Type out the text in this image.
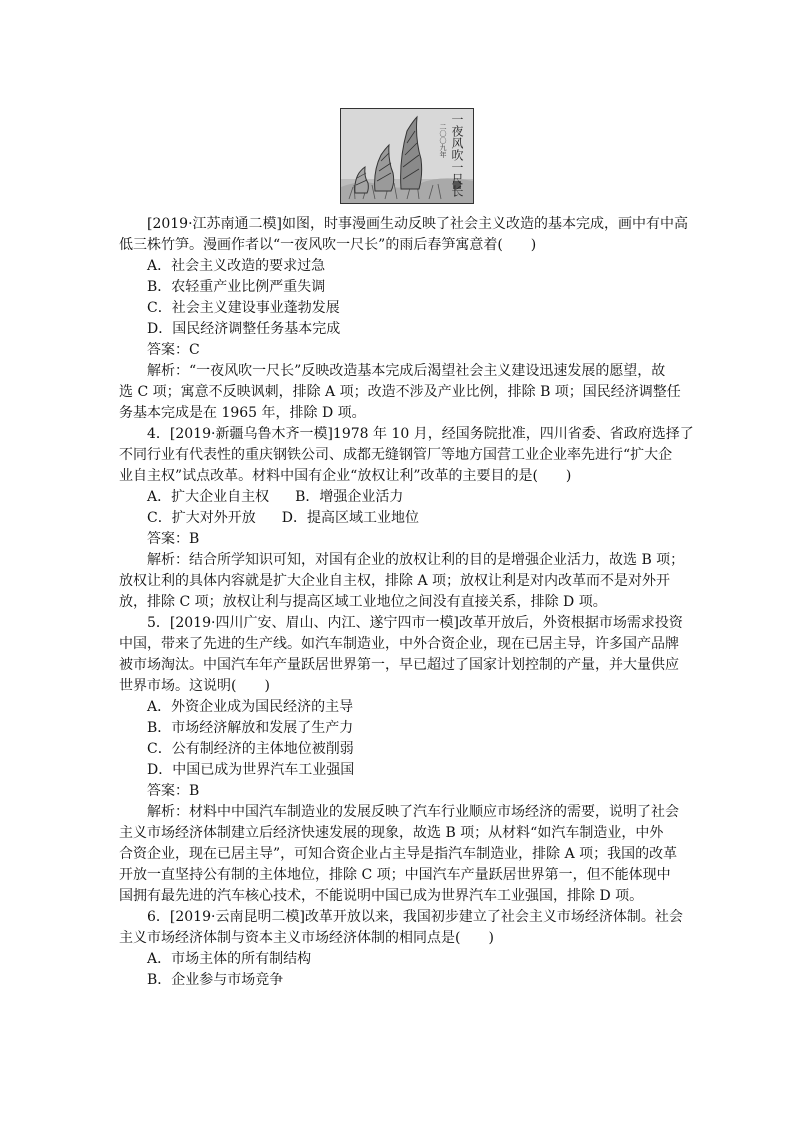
一夜风吹一尺长
二〇〇九年
[2019·江苏南通二模]如图，时事漫画生动反映了社会主义改造的基本完成，画中有中高
低三株竹笋。漫画作者以“一夜风吹一尺长”的雨后春笋寓意着(　　)
A．社会主义改造的要求过急
B．农轻重产业比例严重失调
C．社会主义建设事业蓬勃发展
D．国民经济调整任务基本完成
答案：C
解析：“一夜风吹一尺长”反映改造基本完成后渴望社会主义建设迅速发展的愿望，故
选 C 项；寓意不反映讽刺，排除 A 项；改造不涉及产业比例，排除 B 项；国民经济调整任
务基本完成是在 1965 年，排除 D 项。
4．[2019·新疆乌鲁木齐一模]1978 年 10 月，经国务院批准，四川省委、省政府选择了
不同行业有代表性的重庆钢铁公司、成都无缝钢管厂等地方国营工业企业率先进行“扩大企
业自主权”试点改革。材料中国有企业“放权让利”改革的主要目的是(　　)
A．扩大企业自主权 B．增强企业活力
C．扩大对外开放 D．提高区域工业地位
答案：B
解析：结合所学知识可知，对国有企业的放权让利的目的是增强企业活力，故选 B 项；
放权让利的具体内容就是扩大企业自主权，排除 A 项；放权让利是对内改革而不是对外开
放，排除 C 项；放权让利与提高区域工业地位之间没有直接关系，排除 D 项。
5．[2019·四川广安、眉山、内江、遂宁四市一模]改革开放后，外资根据市场需求投资
中国，带来了先进的生产线。如汽车制造业，中外合资企业，现在已居主导，许多国产品牌
被市场淘汰。中国汽车年产量跃居世界第一，早已超过了国家计划控制的产量，并大量供应
世界市场。这说明(　　)
A．外资企业成为国民经济的主导
B．市场经济解放和发展了生产力
C．公有制经济的主体地位被削弱
D．中国已成为世界汽车工业强国
答案：B
解析：材料中中国汽车制造业的发展反映了汽车行业顺应市场经济的需要，说明了社会
主义市场经济体制建立后经济快速发展的现象，故选 B 项；从材料“如汽车制造业，中外
合资企业，现在已居主导”，可知合资企业占主导是指汽车制造业，排除 A 项；我国的改革
开放一直坚持公有制的主体地位，排除 C 项；中国汽车产量跃居世界第一，但不能体现中
国拥有最先进的汽车核心技术，不能说明中国已成为世界汽车工业强国，排除 D 项。
6．[2019·云南昆明二模]改革开放以来，我国初步建立了社会主义市场经济体制。社会
主义市场经济体制与资本主义市场经济体制的相同点是(　　)
A．市场主体的所有制结构
B．企业参与市场竞争
